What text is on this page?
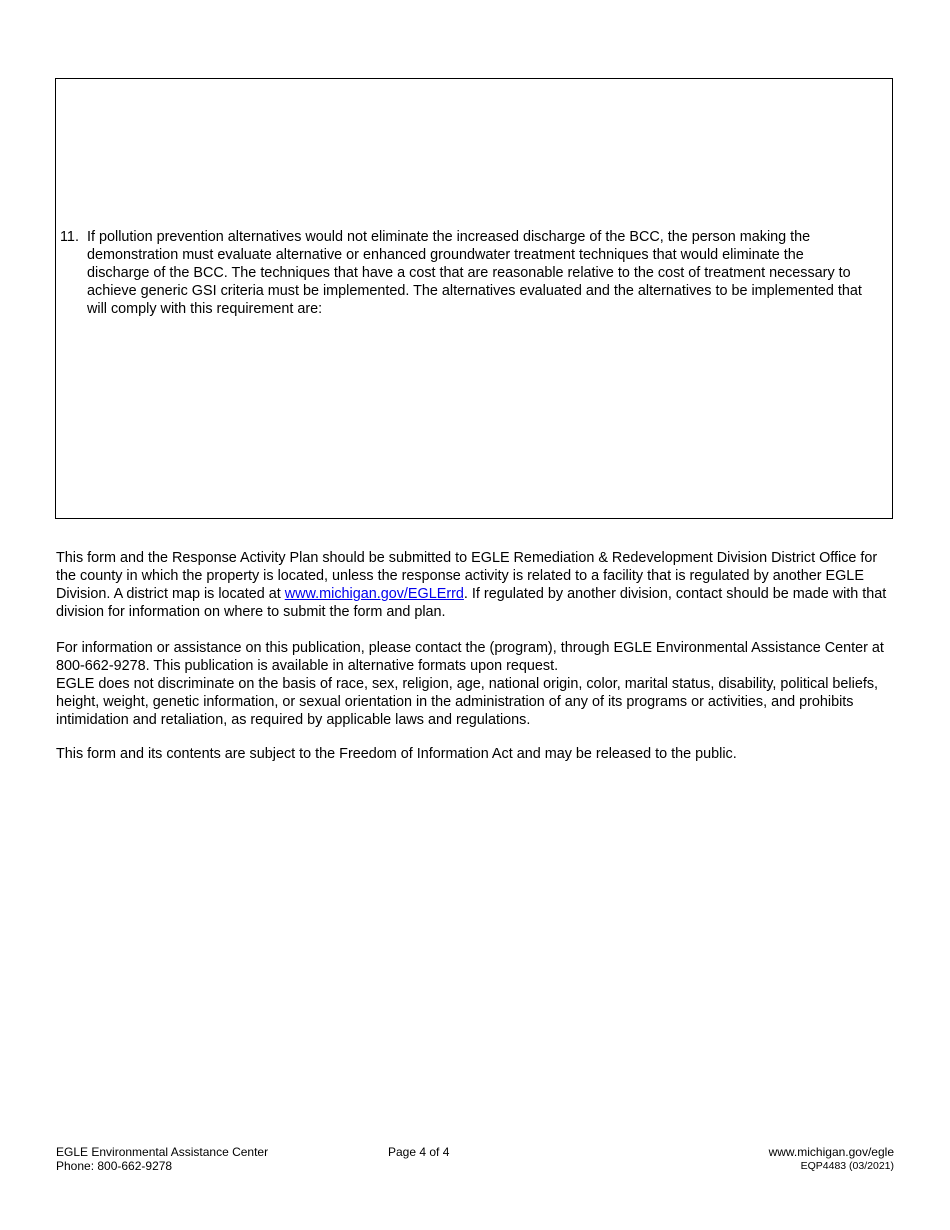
11. If pollution prevention alternatives would not eliminate the increased discharge of the BCC, the person making the demonstration must evaluate alternative or enhanced groundwater treatment techniques that would eliminate the discharge of the BCC. The techniques that have a cost that are reasonable relative to the cost of treatment necessary to achieve generic GSI criteria must be implemented. The alternatives evaluated and the alternatives to be implemented that will comply with this requirement are:

This form and the Response Activity Plan should be submitted to EGLE Remediation & Redevelopment Division District Office for the county in which the property is located, unless the response activity is related to a facility that is regulated by another EGLE Division. A district map is located at www.michigan.gov/EGLErrd. If regulated by another division, contact should be made with that division for information on where to submit the form and plan.

For information or assistance on this publication, please contact the (program), through EGLE Environmental Assistance Center at 800-662-9278. This publication is available in alternative formats upon request.
EGLE does not discriminate on the basis of race, sex, religion, age, national origin, color, marital status, disability, political beliefs, height, weight, genetic information, or sexual orientation in the administration of any of its programs or activities, and prohibits intimidation and retaliation, as required by applicable laws and regulations.

This form and its contents are subject to the Freedom of Information Act and may be released to the public.

EGLE Environmental Assistance Center
Phone: 800-662-9278
Page 4 of 4	www.michigan.gov/egle
EQP4483 (03/2021)
